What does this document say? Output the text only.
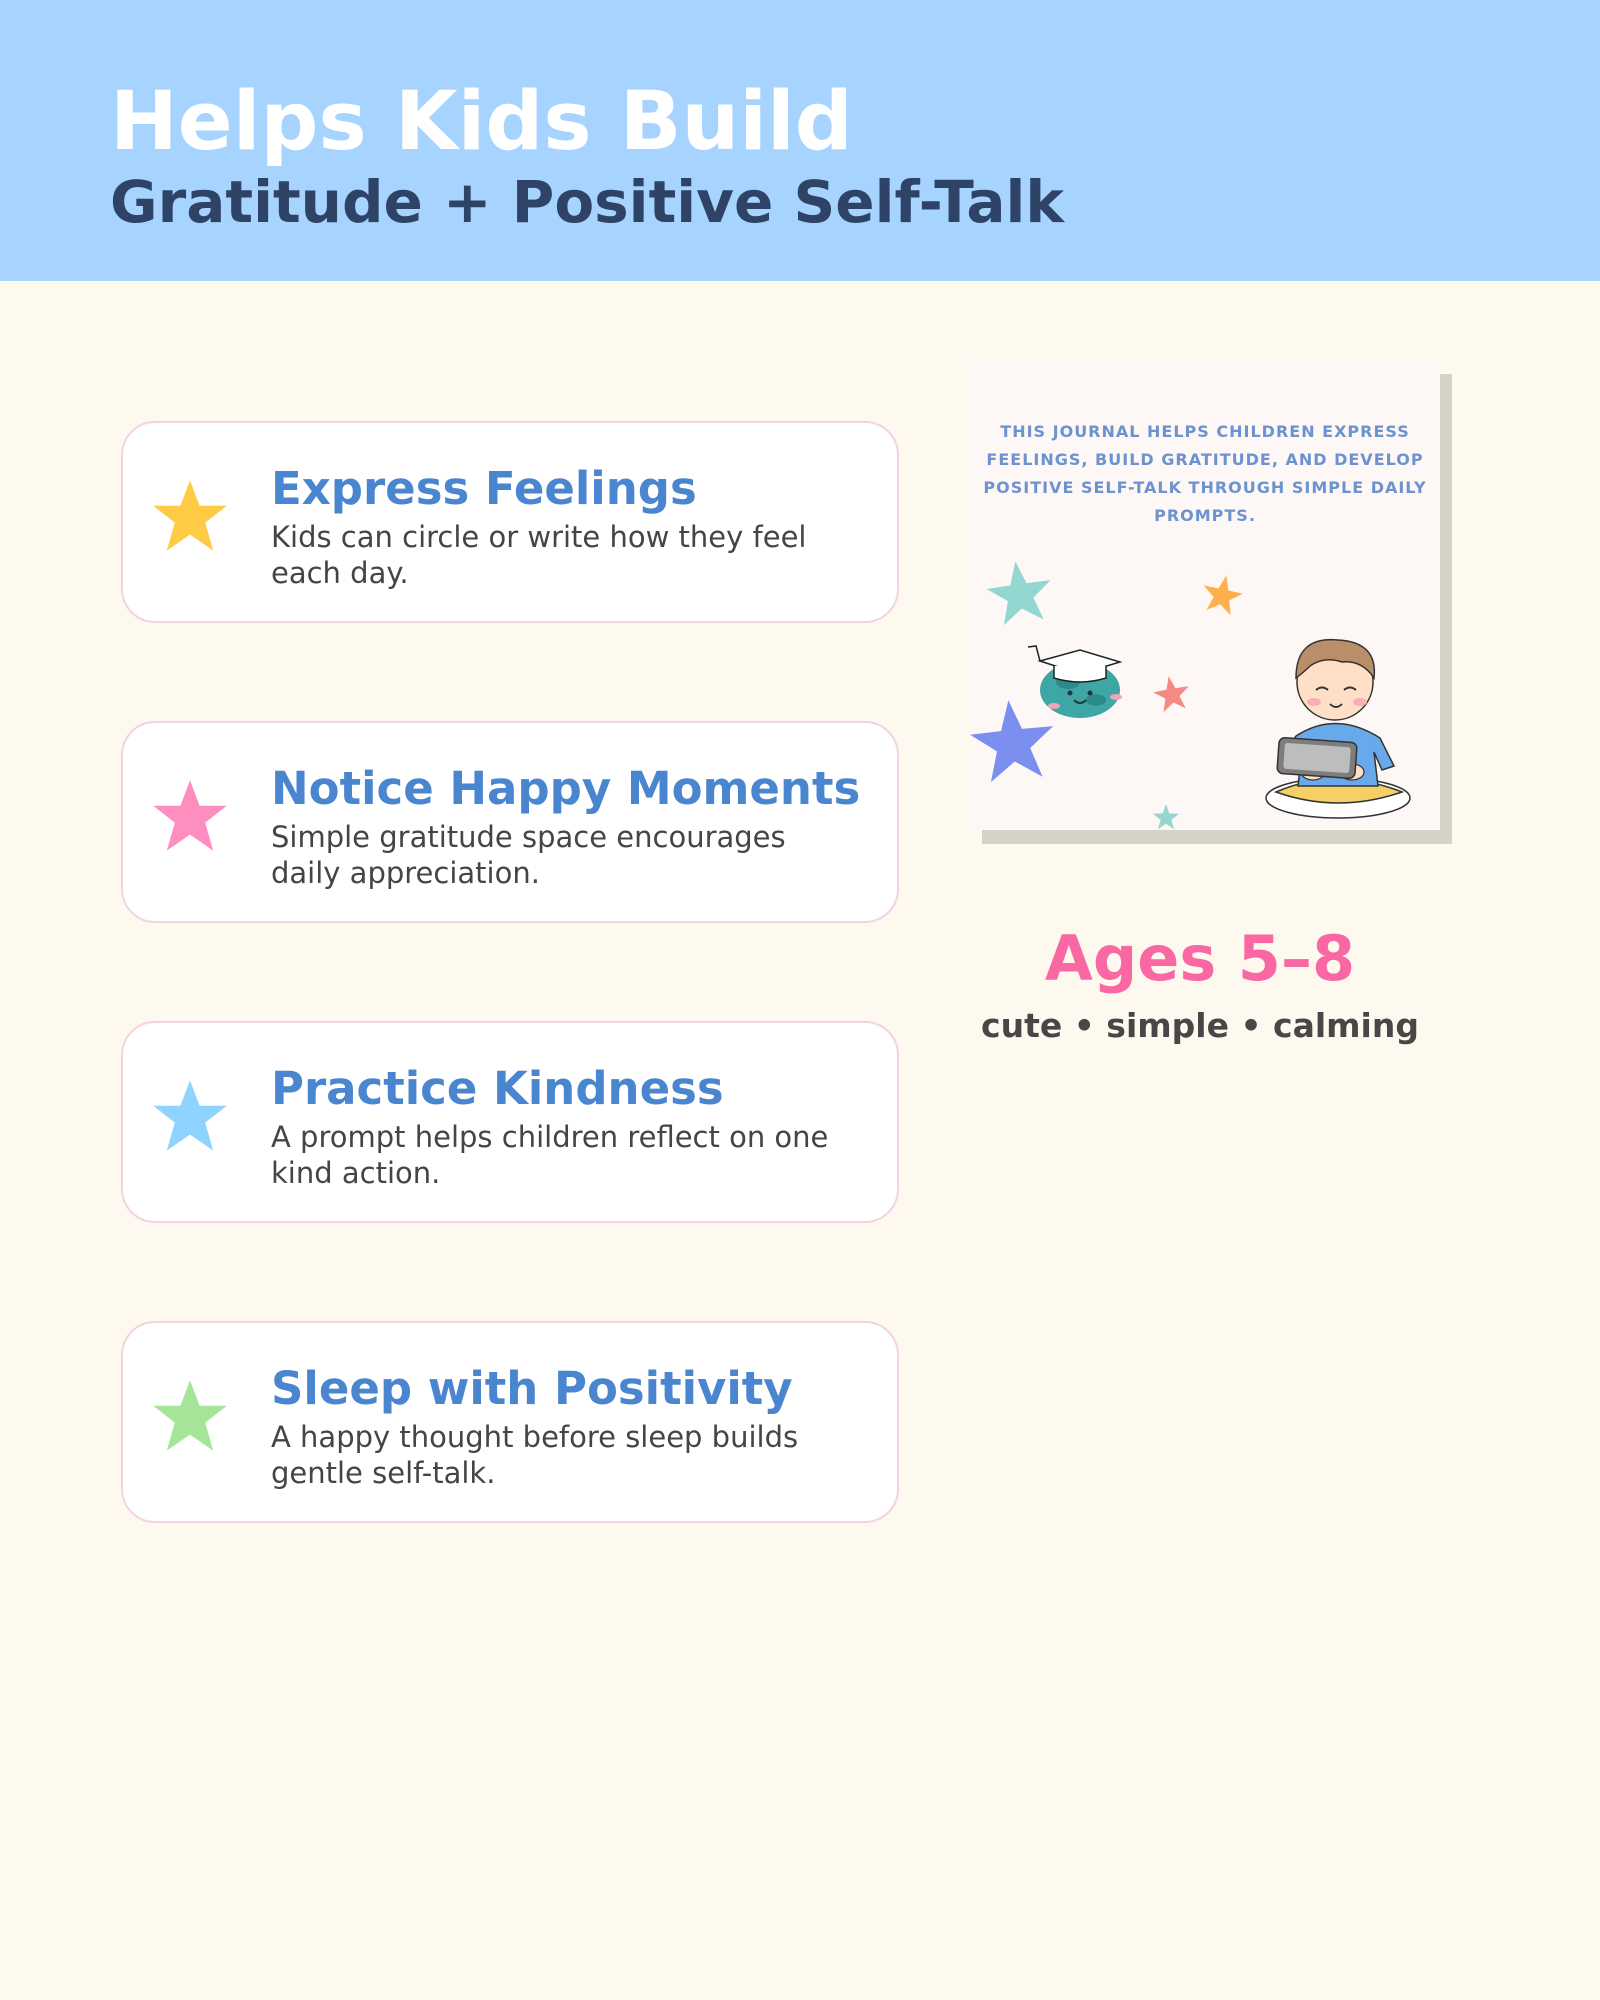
Helps Kids Build
Gratitude + Positive Self-Talk
Express Feelings

Kids can circle or write how they feel each day.

Notice Happy Moments

Simple gratitude space encourages daily appreciation.

Practice Kindness

A prompt helps children reflect on one kind action.

Sleep with Positivity

A happy thought before sleep builds gentle self-talk.

THIS JOURNAL HELPS CHILDREN EXPRESS FEELINGS, BUILD GRATITUDE, AND DEVELOP POSITIVE SELF-TALK THROUGH SIMPLE DAILY PROMPTS.

Ages 5–8

cute • simple • calming
